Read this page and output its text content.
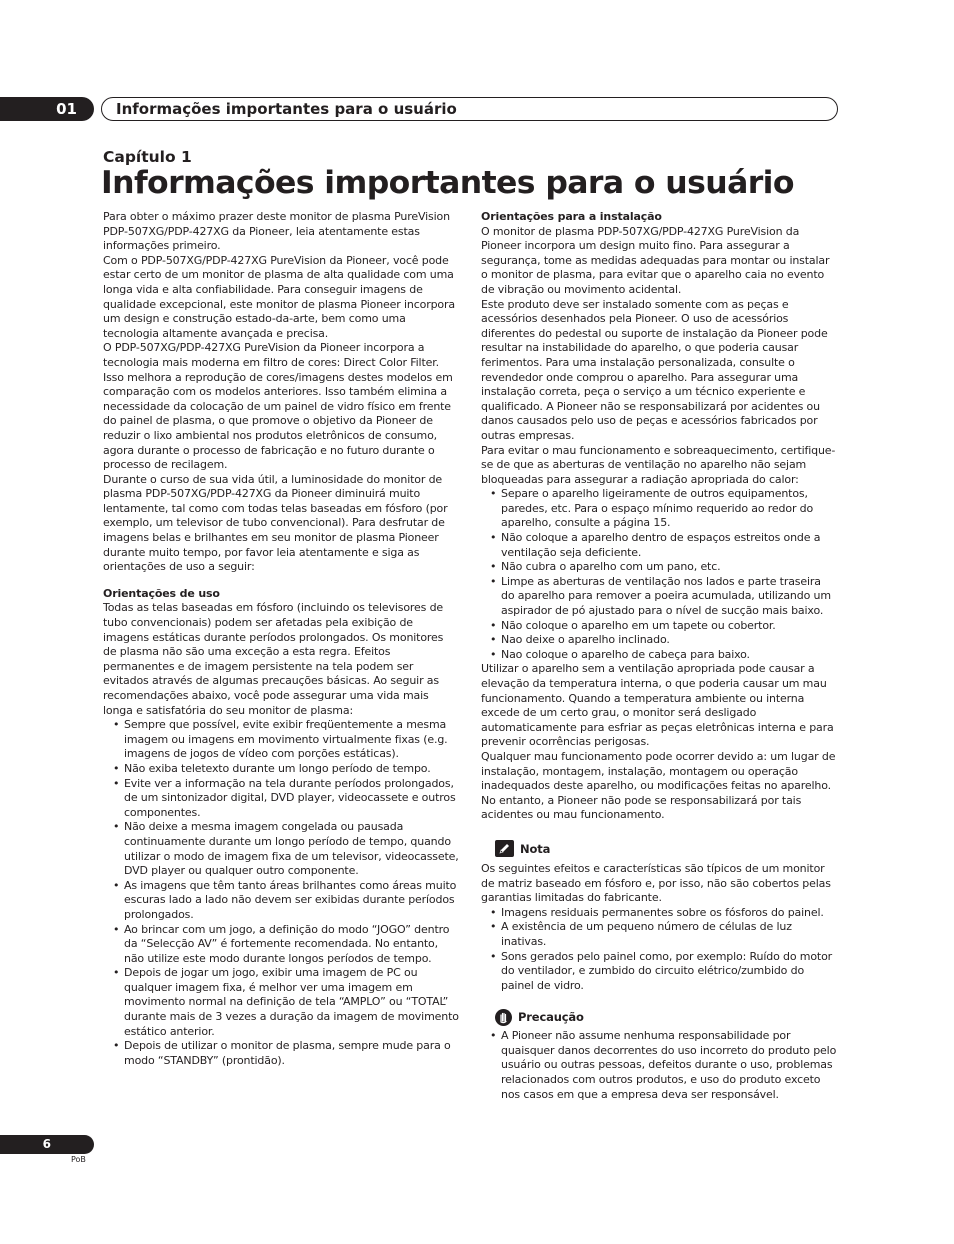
01	Informações importantes para o usuário
Capítulo 1
Informações importantes para o usuário

Para obter o máximo prazer deste monitor de plasma PureVision PDP-507XG/PDP-427XG da Pioneer, leia atentamente estas informações primeiro.

Com o PDP-507XG/PDP-427XG PureVision da Pioneer, você pode estar certo de um monitor de plasma de alta qualidade com uma longa vida e alta confiabilidade. Para conseguir imagens de qualidade excepcional, este monitor de plasma Pioneer incorpora um design e construção estado-da-arte, bem como uma tecnologia altamente avançada e precisa.

O PDP-507XG/PDP-427XG PureVision da Pioneer incorpora a tecnologia mais moderna em filtro de cores: Direct Color Filter. Isso melhora a reprodução de cores/imagens destes modelos em comparação com os modelos anteriores. Isso também elimina a necessidade da colocação de um painel de vidro físico em frente do painel de plasma, o que promove o objetivo da Pioneer de reduzir o lixo ambiental nos produtos eletrônicos de consumo, agora durante o processo de fabricação e no futuro durante o processo de recilagem.

Durante o curso de sua vida útil, a luminosidade do monitor de plasma PDP-507XG/PDP-427XG da Pioneer diminuirá muito lentamente, tal como com todas telas baseadas em fósforo (por exemplo, um televisor de tubo convencional). Para desfrutar de imagens belas e brilhantes em seu monitor de plasma Pioneer durante muito tempo, por favor leia atentamente e siga as orientações de uso a seguir:

Orientações de uso

Todas as telas baseadas em fósforo (incluindo os televisores de tubo convencionais) podem ser afetadas pela exibição de imagens estáticas durante períodos prolongados. Os monitores de plasma não são uma exceção a esta regra. Efeitos permanentes e de imagem persistente na tela podem ser evitados através de algumas precauções básicas. Ao seguir as recomendações abaixo, você pode assegurar uma vida mais longa e satisfatória do seu monitor de plasma:

• Sempre que possível, evite exibir freqüentemente a mesma imagem ou imagens em movimento virtualmente fixas (e.g. imagens de jogos de vídeo com porções estáticas).
• Não exiba teletexto durante um longo período de tempo.
• Evite ver a informação na tela durante períodos prolongados, de um sintonizador digital, DVD player, videocassete e outros componentes.
• Não deixe a mesma imagem congelada ou pausada continuamente durante um longo período de tempo, quando utilizar o modo de imagem fixa de um televisor, videocassete, DVD player ou qualquer outro componente.
• As imagens que têm tanto áreas brilhantes como áreas muito escuras lado a lado não devem ser exibidas durante períodos prolongados.
• Ao brincar com um jogo, a definição do modo “JOGO” dentro da “Selecção AV” é fortemente recomendada. No entanto, não utilize este modo durante longos períodos de tempo.
• Depois de jogar um jogo, exibir uma imagem de PC ou qualquer imagem fixa, é melhor ver uma imagem em movimento normal na definição de tela “AMPLO” ou “TOTAL” durante mais de 3 vezes a duração da imagem de movimento estático anterior.
• Depois de utilizar o monitor de plasma, sempre mude para o modo “STANDBY” (prontidão).

Orientações para a instalação

O monitor de plasma PDP-507XG/PDP-427XG PureVision da Pioneer incorpora um design muito fino. Para assegurar a segurança, tome as medidas adequadas para montar ou instalar o monitor de plasma, para evitar que o aparelho caia no evento de vibração ou movimento acidental.

Este produto deve ser instalado somente com as peças e acessórios desenhados pela Pioneer. O uso de acessórios diferentes do pedestal ou suporte de instalação da Pioneer pode resultar na instabilidade do aparelho, o que poderia causar ferimentos. Para uma instalação personalizada, consulte o revendedor onde comprou o aparelho. Para assegurar uma instalação correta, peça o serviço a um técnico experiente e qualificado. A Pioneer não se responsabilizará por acidentes ou danos causados pelo uso de peças e acessórios fabricados por outras empresas.

Para evitar o mau funcionamento e sobreaquecimento, certifique-se de que as aberturas de ventilação no aparelho não sejam bloqueadas para assegurar a radiação apropriada do calor:

• Separe o aparelho ligeiramente de outros equipamentos, paredes, etc. Para o espaço mínimo requerido ao redor do aparelho, consulte a página 15.
• Não coloque a aparelho dentro de espaços estreitos onde a ventilação seja deficiente.
• Não cubra o aparelho com um pano, etc.
• Limpe as aberturas de ventilação nos lados e parte traseira do aparelho para remover a poeira acumulada, utilizando um aspirador de pó ajustado para o nível de sucção mais baixo.
• Não coloque o aparelho em um tapete ou cobertor.
• Nao deixe o aparelho inclinado.
• Nao coloque o aparelho de cabeça para baixo.

Utilizar o aparelho sem a ventilação apropriada pode causar a elevação da temperatura interna, o que poderia causar um mau funcionamento. Quando a temperatura ambiente ou interna excede de um certo grau, o monitor será desligado automaticamente para esfriar as peças eletrônicas interna e para prevenir ocorrências perigosas.

Qualquer mau funcionamento pode ocorrer devido a: um lugar de instalação, montagem, instalação, montagem ou operação inadequados deste aparelho, ou modificações feitas no aparelho. No entanto, a Pioneer não pode se responsabilizará por tais acidentes ou mau funcionamento.

Nota

Os seguintes efeitos e características são típicos de um monitor de matriz baseado em fósforo e, por isso, não são cobertos pelas garantias limitadas do fabricante.

• Imagens residuais permanentes sobre os fósforos do painel.
• A existência de um pequeno número de células de luz inativas.
• Sons gerados pelo painel como, por exemplo: Ruído do motor do ventilador, e zumbido do circuito elétrico/zumbido do painel de vidro.
Precaução
• A Pioneer não assume nenhuma responsabilidade por quaisquer danos decorrentes do uso incorreto do produto pelo usuário ou outras pessoas, defeitos durante o uso, problemas relacionados com outros produtos, e uso do produto exceto nos casos em que a empresa deva ser responsável.
6
PoB
